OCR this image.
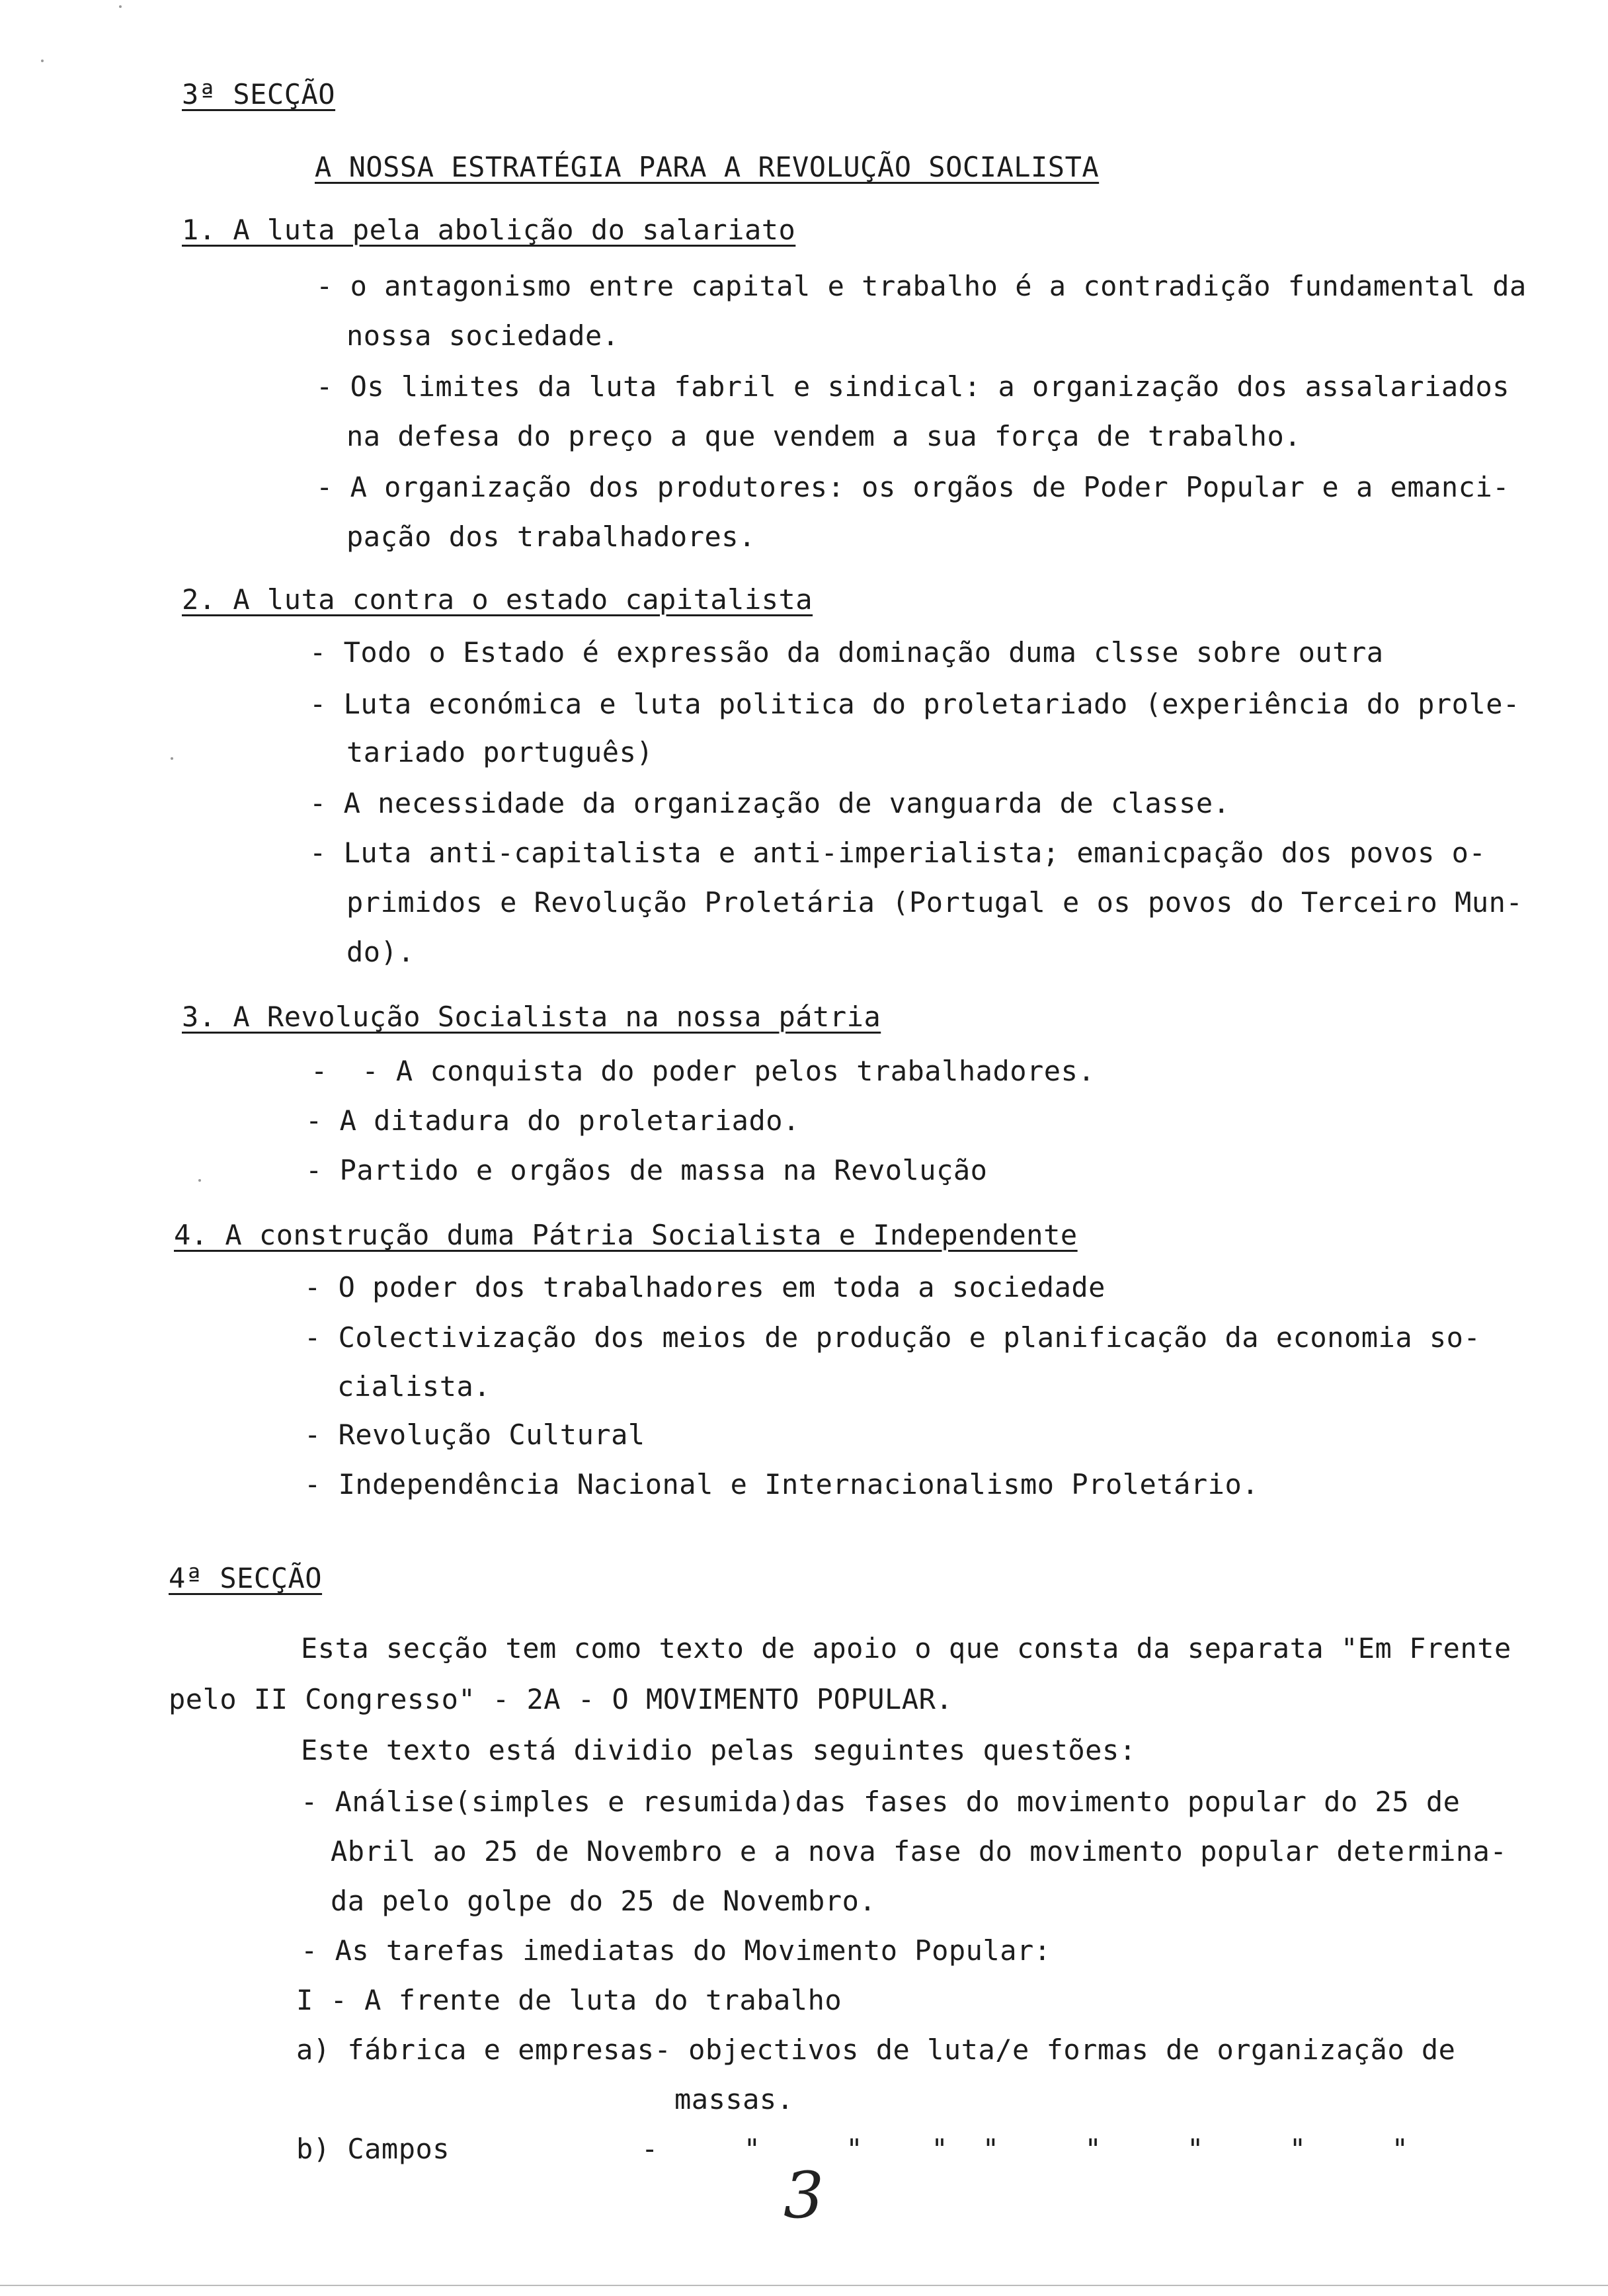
3ª SECÇÃO
A NOSSA ESTRATÉGIA PARA A REVOLUÇÃO SOCIALISTA
1. A luta pela abolição do salariato
- o antagonismo entre capital e trabalho é a contradição fundamental da
nossa sociedade.
- Os limites da luta fabril e sindical: a organização dos assalariados
na defesa do preço a que vendem a sua força de trabalho.
- A organização dos produtores: os orgãos de Poder Popular e a emanci-
pação dos trabalhadores.
2. A luta contra o estado capitalista
- Todo o Estado é expressão da dominação duma clsse sobre outra
- Luta económica e luta politica do proletariado (experiência do prole-
tariado português)
- A necessidade da organização de vanguarda de classe.
- Luta anti-capitalista e anti-imperialista; emanicpação dos povos o-
primidos e Revolução Proletária (Portugal e os povos do Terceiro Mun-
do).
3. A Revolução Socialista na nossa pátria
-  - A conquista do poder pelos trabalhadores.
- A ditadura do proletariado.
- Partido e orgãos de massa na Revolução
4. A construção duma Pátria Socialista e Independente
- O poder dos trabalhadores em toda a sociedade
- Colectivização dos meios de produção e planificação da economia so-
cialista.
- Revolução Cultural
- Independência Nacional e Internacionalismo Proletário.
4ª SECÇÃO
Esta secção tem como texto de apoio o que consta da separata "Em Frente
pelo II Congresso" - 2A - O MOVIMENTO POPULAR.
Este texto está dividio pelas seguintes questões:
- Análise(simples e resumida)das fases do movimento popular do 25 de
Abril ao 25 de Novembro e a nova fase do movimento popular determina-
da pelo golpe do 25 de Novembro.
- As tarefas imediatas do Movimento Popular:
I - A frente de luta do trabalho
a) fábrica e empresas- objectivos de luta/e formas de organização de
massas.
b) Campos	-     "     "    "  "     "     "     "     "
3
